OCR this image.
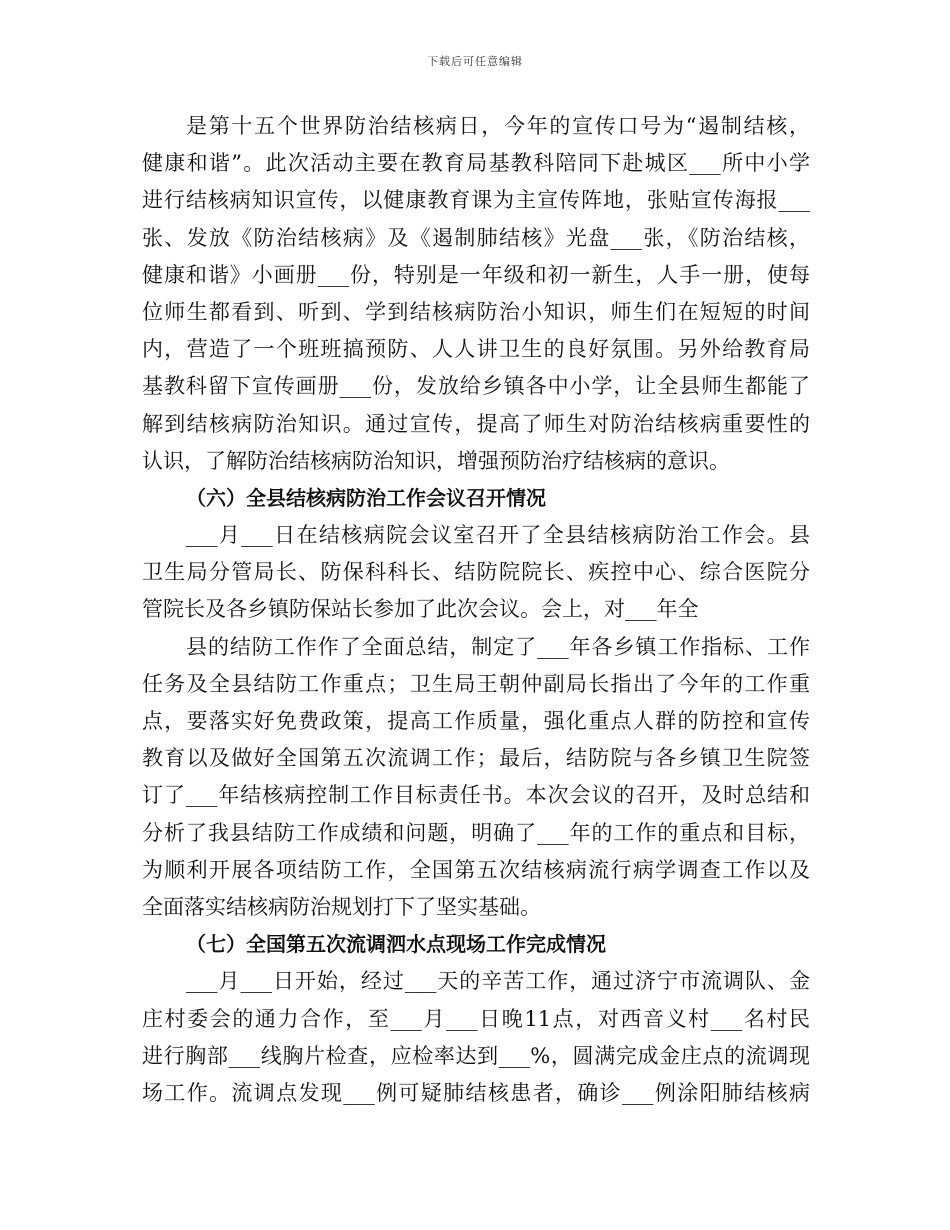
下载后可任意编辑
是第十五个世界防治结核病日，今年的宣传口号为“遏制结核，
健康和谐”。此次活动主要在教育局基教科陪同下赴城区___所中小学
进行结核病知识宣传，以健康教育课为主宣传阵地，张贴宣传海报___
张、发放《防治结核病》及《遏制肺结核》光盘___张，《防治结核，
健康和谐》小画册___份，特别是一年级和初一新生，人手一册，使每
位师生都看到、听到、学到结核病防治小知识，师生们在短短的时间
内，营造了一个班班搞预防、人人讲卫生的良好氛围。另外给教育局
基教科留下宣传画册___份，发放给乡镇各中小学，让全县师生都能了
解到结核病防治知识。通过宣传，提高了师生对防治结核病重要性的
认识，了解防治结核病防治知识，增强预防治疗结核病的意识。
（六）全县结核病防治工作会议召开情况
___月___日在结核病院会议室召开了全县结核病防治工作会。县
卫生局分管局长、防保科科长、结防院院长、疾控中心、综合医院分
管院长及各乡镇防保站长参加了此次会议。会上，对___年全
县的结防工作作了全面总结，制定了___年各乡镇工作指标、工作
任务及全县结防工作重点；卫生局王朝仲副局长指出了今年的工作重
点，要落实好免费政策，提高工作质量，强化重点人群的防控和宣传
教育以及做好全国第五次流调工作；最后，结防院与各乡镇卫生院签
订了___年结核病控制工作目标责任书。本次会议的召开，及时总结和
分析了我县结防工作成绩和问题，明确了___年的工作的重点和目标，
为顺利开展各项结防工作，全国第五次结核病流行病学调查工作以及
全面落实结核病防治规划打下了坚实基础。
（七）全国第五次流调泗水点现场工作完成情况
___月___日开始，经过___天的辛苦工作，通过济宁市流调队、金
庄村委会的通力合作，至___月___日晚11点，对西音义村___名村民
进行胸部___线胸片检查，应检率达到___%，圆满完成金庄点的流调现
场工作。流调点发现___例可疑肺结核患者，确诊___例涂阳肺结核病
